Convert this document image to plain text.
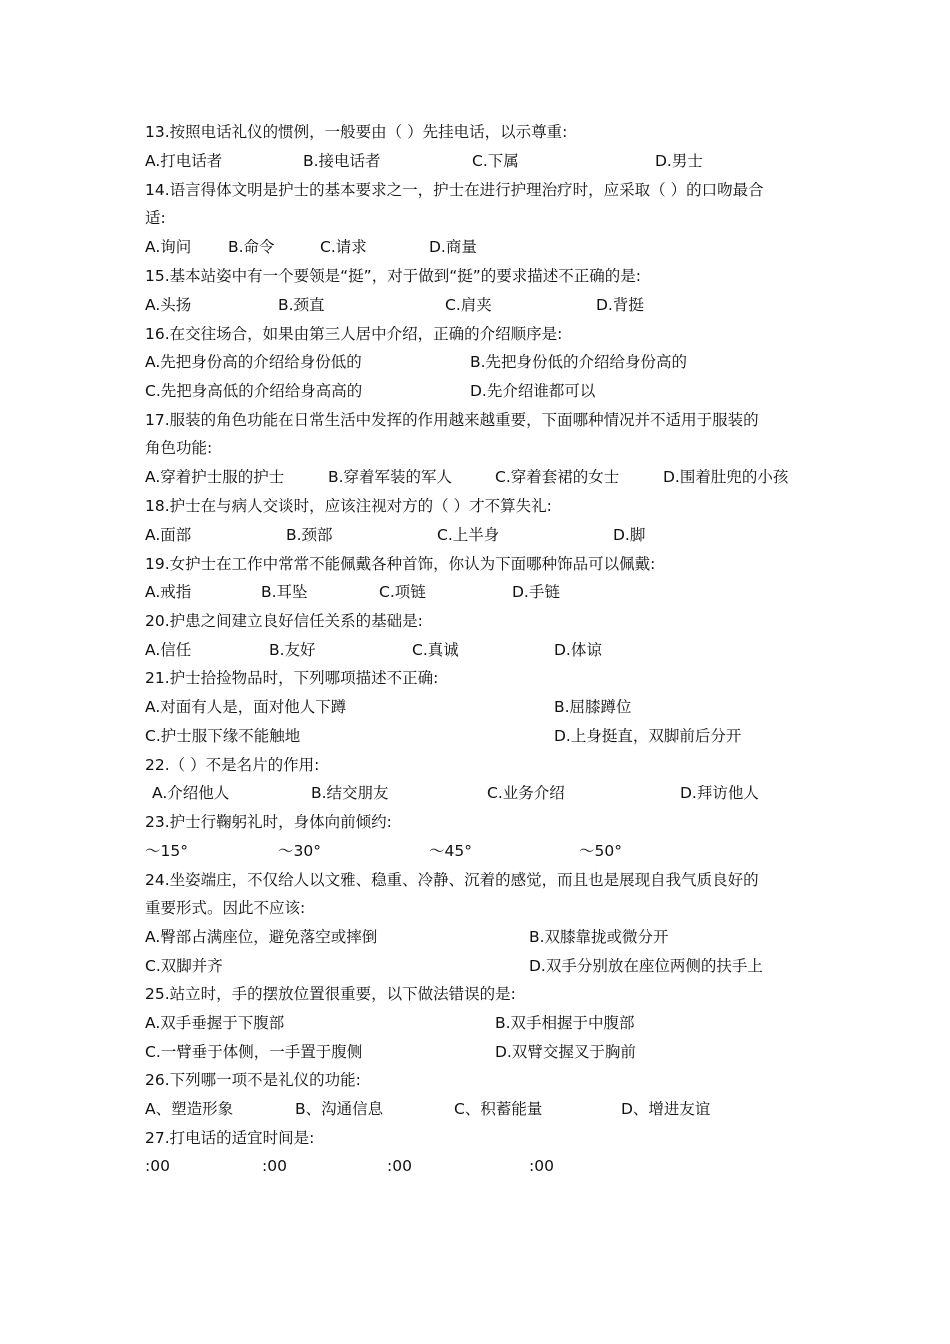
13.按照电话礼仪的惯例，一般要由（ ）先挂电话，以示尊重:
A.打电话者	B.接电话者	C.下属	D.男士
14.语言得体文明是护士的基本要求之一，护士在进行护理治疗时，应采取（ ）的口吻最合
适:
A.询问 B.命令	C.请求	D.商量
15.基本站姿中有一个要领是“挺”，对于做到“挺”的要求描述不正确的是:
A.头扬	B.颈直	C.肩夹	D.背挺
16.在交往场合，如果由第三人居中介绍，正确的介绍顺序是:
A.先把身份高的介绍给身份低的	B.先把身份低的介绍给身份高的
C.先把身高低的介绍给身高高的	D.先介绍谁都可以
17.服装的角色功能在日常生活中发挥的作用越来越重要，下面哪种情况并不适用于服装的
角色功能:
A.穿着护士服的护士	B.穿着军装的军人	C.穿着套裙的女士	D.围着肚兜的小孩
18.护士在与病人交谈时，应该注视对方的（ ）才不算失礼:
A.面部	B.颈部	C.上半身	D.脚
19.女护士在工作中常常不能佩戴各种首饰，你认为下面哪种饰品可以佩戴:
A.戒指	B.耳坠	C.项链	D.手链
20.护患之间建立良好信任关系的基础是:
A.信任	B.友好	C.真诚	D.体谅
21.护士拾捡物品时，下列哪项描述不正确:
A.对面有人是，面对他人下蹲	B.屈膝蹲位
C.护士服下缘不能触地	D.上身挺直，双脚前后分开
22.（ ）不是名片的作用:
A.介绍他人	B.结交朋友	C.业务介绍	D.拜访他人
23.护士行鞠躬礼时，身体向前倾约:
～15°	～30°	～45°	～50°
24.坐姿端庄，不仅给人以文雅、稳重、冷静、沉着的感觉，而且也是展现自我气质良好的
重要形式。因此不应该:
A.臀部占满座位，避免落空或摔倒	B.双膝靠拢或微分开
C.双脚并齐	D.双手分别放在座位两侧的扶手上
25.站立时，手的摆放位置很重要，以下做法错误的是:
A.双手垂握于下腹部	B.双手相握于中腹部
C.一臂垂于体侧，一手置于腹侧	D.双臂交握叉于胸前
26.下列哪一项不是礼仪的功能:
A、塑造形象	B、沟通信息	C、积蓄能量	D、增进友谊
27.打电话的适宜时间是:
:00	:00	:00	:00
